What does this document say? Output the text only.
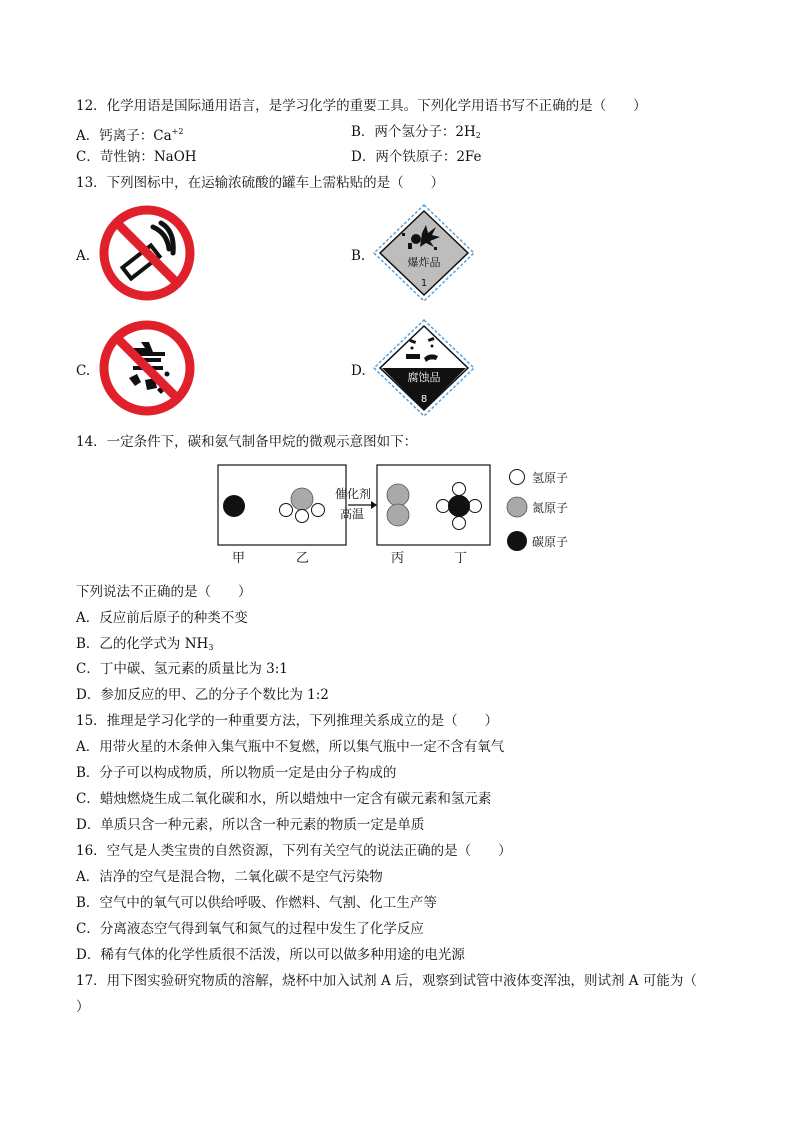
12．化学用语是国际通用语言，是学习化学的重要工具。下列化学用语书写不正确的是（　　）
A．钙离子：$Ca^{+2}$	B．两个氢分子：$2H_2$
C．苛性钠：NaOH	D．两个铁原子：2Fe
13．下列图标中，在运输浓硫酸的罐车上需粘贴的是（　　）
A.	B.	爆炸品
1
C.	D.	腐蚀品
8
14．一定条件下，碳和氨气制备甲烷的微观示意图如下：
催化剂
高温
甲	乙	丙	丁
氢原子
氮原子
碳原子
下列说法不正确的是（　　）
A．反应前后原子的种类不变
B．乙的化学式为 $NH_3$
C．丁中碳、氢元素的质量比为 3:1
D．参加反应的甲、乙的分子个数比为 1:2
15．推理是学习化学的一种重要方法，下列推理关系成立的是（　　）
A．用带火星的木条伸入集气瓶中不复燃，所以集气瓶中一定不含有氧气
B．分子可以构成物质，所以物质一定是由分子构成的
C．蜡烛燃烧生成二氧化碳和水，所以蜡烛中一定含有碳元素和氢元素
D．单质只含一种元素，所以含一种元素的物质一定是单质
16．空气是人类宝贵的自然资源，下列有关空气的说法正确的是（　　）
A．洁净的空气是混合物，二氧化碳不是空气污染物
B．空气中的氧气可以供给呼吸、作燃料、气割、化工生产等
C．分离液态空气得到氧气和氮气的过程中发生了化学反应
D．稀有气体的化学性质很不活泼，所以可以做多种用途的电光源
17．用下图实验研究物质的溶解，烧杯中加入试剂 A 后，观察到试管中液体变浑浊，则试剂 A 可能为（
）
